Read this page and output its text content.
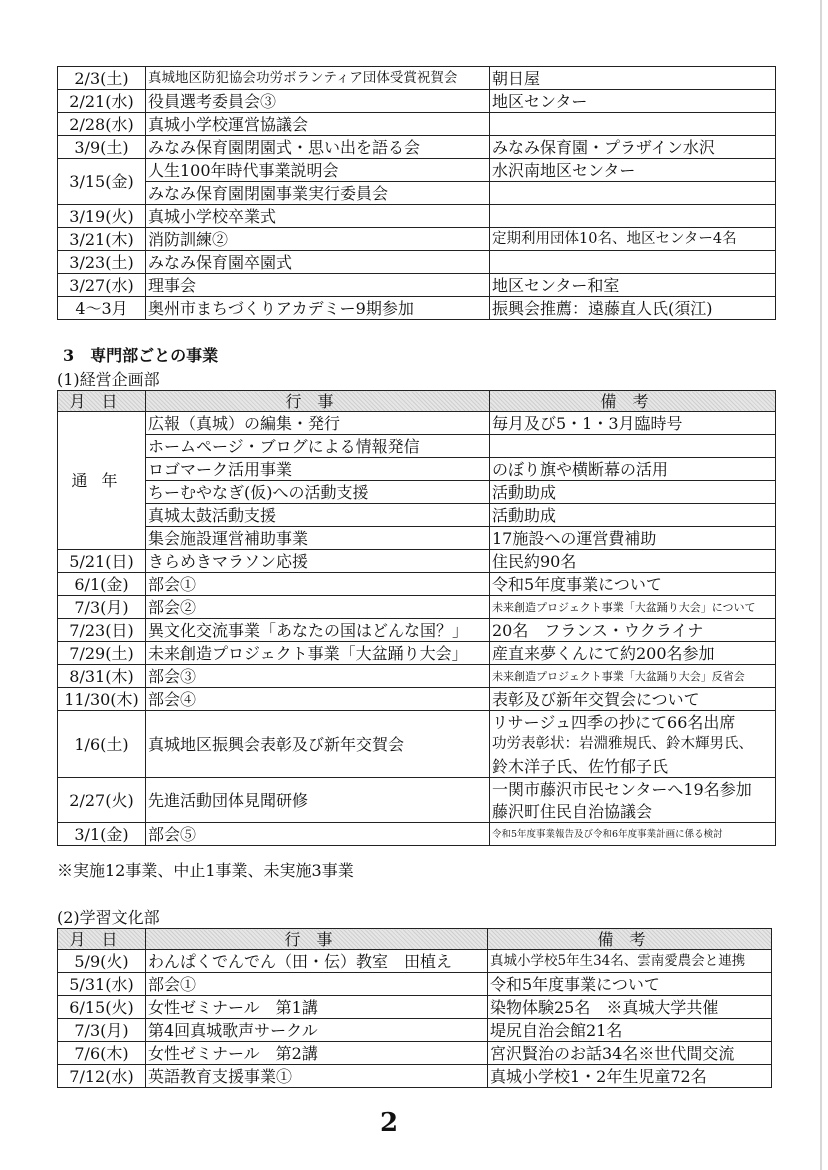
2/3(土)	真城地区防犯協会功労ボランティア団体受賞祝賀会	朝日屋
2/21(水)	役員選考委員会③	地区センター
2/28(水)	真城小学校運営協議会	
3/9(土)	みなみ保育園閉園式・思い出を語る会	みなみ保育園・プラザイン水沢
3/15(金)	人生100年時代事業説明会	水沢南地区センター
	みなみ保育園閉園事業実行委員会	
3/19(火)	真城小学校卒業式	
3/21(木)	消防訓練②	定期利用団体10名、地区センター4名
3/23(土)	みなみ保育園卒園式	
3/27(水)	理事会	地区センター和室
4〜3月	奥州市まちづくりアカデミー9期参加	振興会推薦：遠藤直人氏(須江)
3　専門部ごとの事業
(1)経営企画部
月日	行事	備考
通年	広報（真城）の編集・発行	毎月及び5・1・3月臨時号
	ホームページ・ブログによる情報発信	
	ロゴマーク活用事業	のぼり旗や横断幕の活用
	ちーむやなぎ(仮)への活動支援	活動助成
	真城太鼓活動支援	活動助成
	集会施設運営補助事業	17施設への運営費補助
5/21(日)	きらめきマラソン応援	住民約90名
6/1(金)	部会①	令和5年度事業について
7/3(月)	部会②	未来創造プロジェクト事業「大盆踊り大会」について
7/23(日)	異文化交流事業「あなたの国はどんな国？」	20名　フランス・ウクライナ
7/29(土)	未来創造プロジェクト事業「大盆踊り大会」	産直来夢くんにて約200名参加
8/31(木)	部会③	未来創造プロジェクト事業「大盆踊り大会」反省会
11/30(木)	部会④	表彰及び新年交賀会について
1/6(土)	真城地区振興会表彰及び新年交賀会	リサージュ四季の抄にて66名出席
		功労表彰状：岩淵雅規氏、鈴木輝男氏、
		鈴木洋子氏、佐竹郁子氏
2/27(火)	先進活動団体見聞研修	一関市藤沢市民センターへ19名参加
		藤沢町住民自治協議会
3/1(金)	部会⑤	令和5年度事業報告及び令和6年度事業計画に係る検討
※実施12事業、中止1事業、未実施3事業
(2)学習文化部
月日	行事	備考
5/9(火)	わんぱくでんでん（田・伝）教室　田植え	真城小学校5年生34名、雲南愛農会と連携
5/31(水)	部会①	令和5年度事業について
6/15(火)	女性ゼミナール　第1講	染物体験25名　※真城大学共催
7/3(月)	第4回真城歌声サークル	堤尻自治会館21名
7/6(木)	女性ゼミナール　第2講	宮沢賢治のお話34名※世代間交流
7/12(水)	英語教育支援事業①	真城小学校1・2年生児童72名
2
